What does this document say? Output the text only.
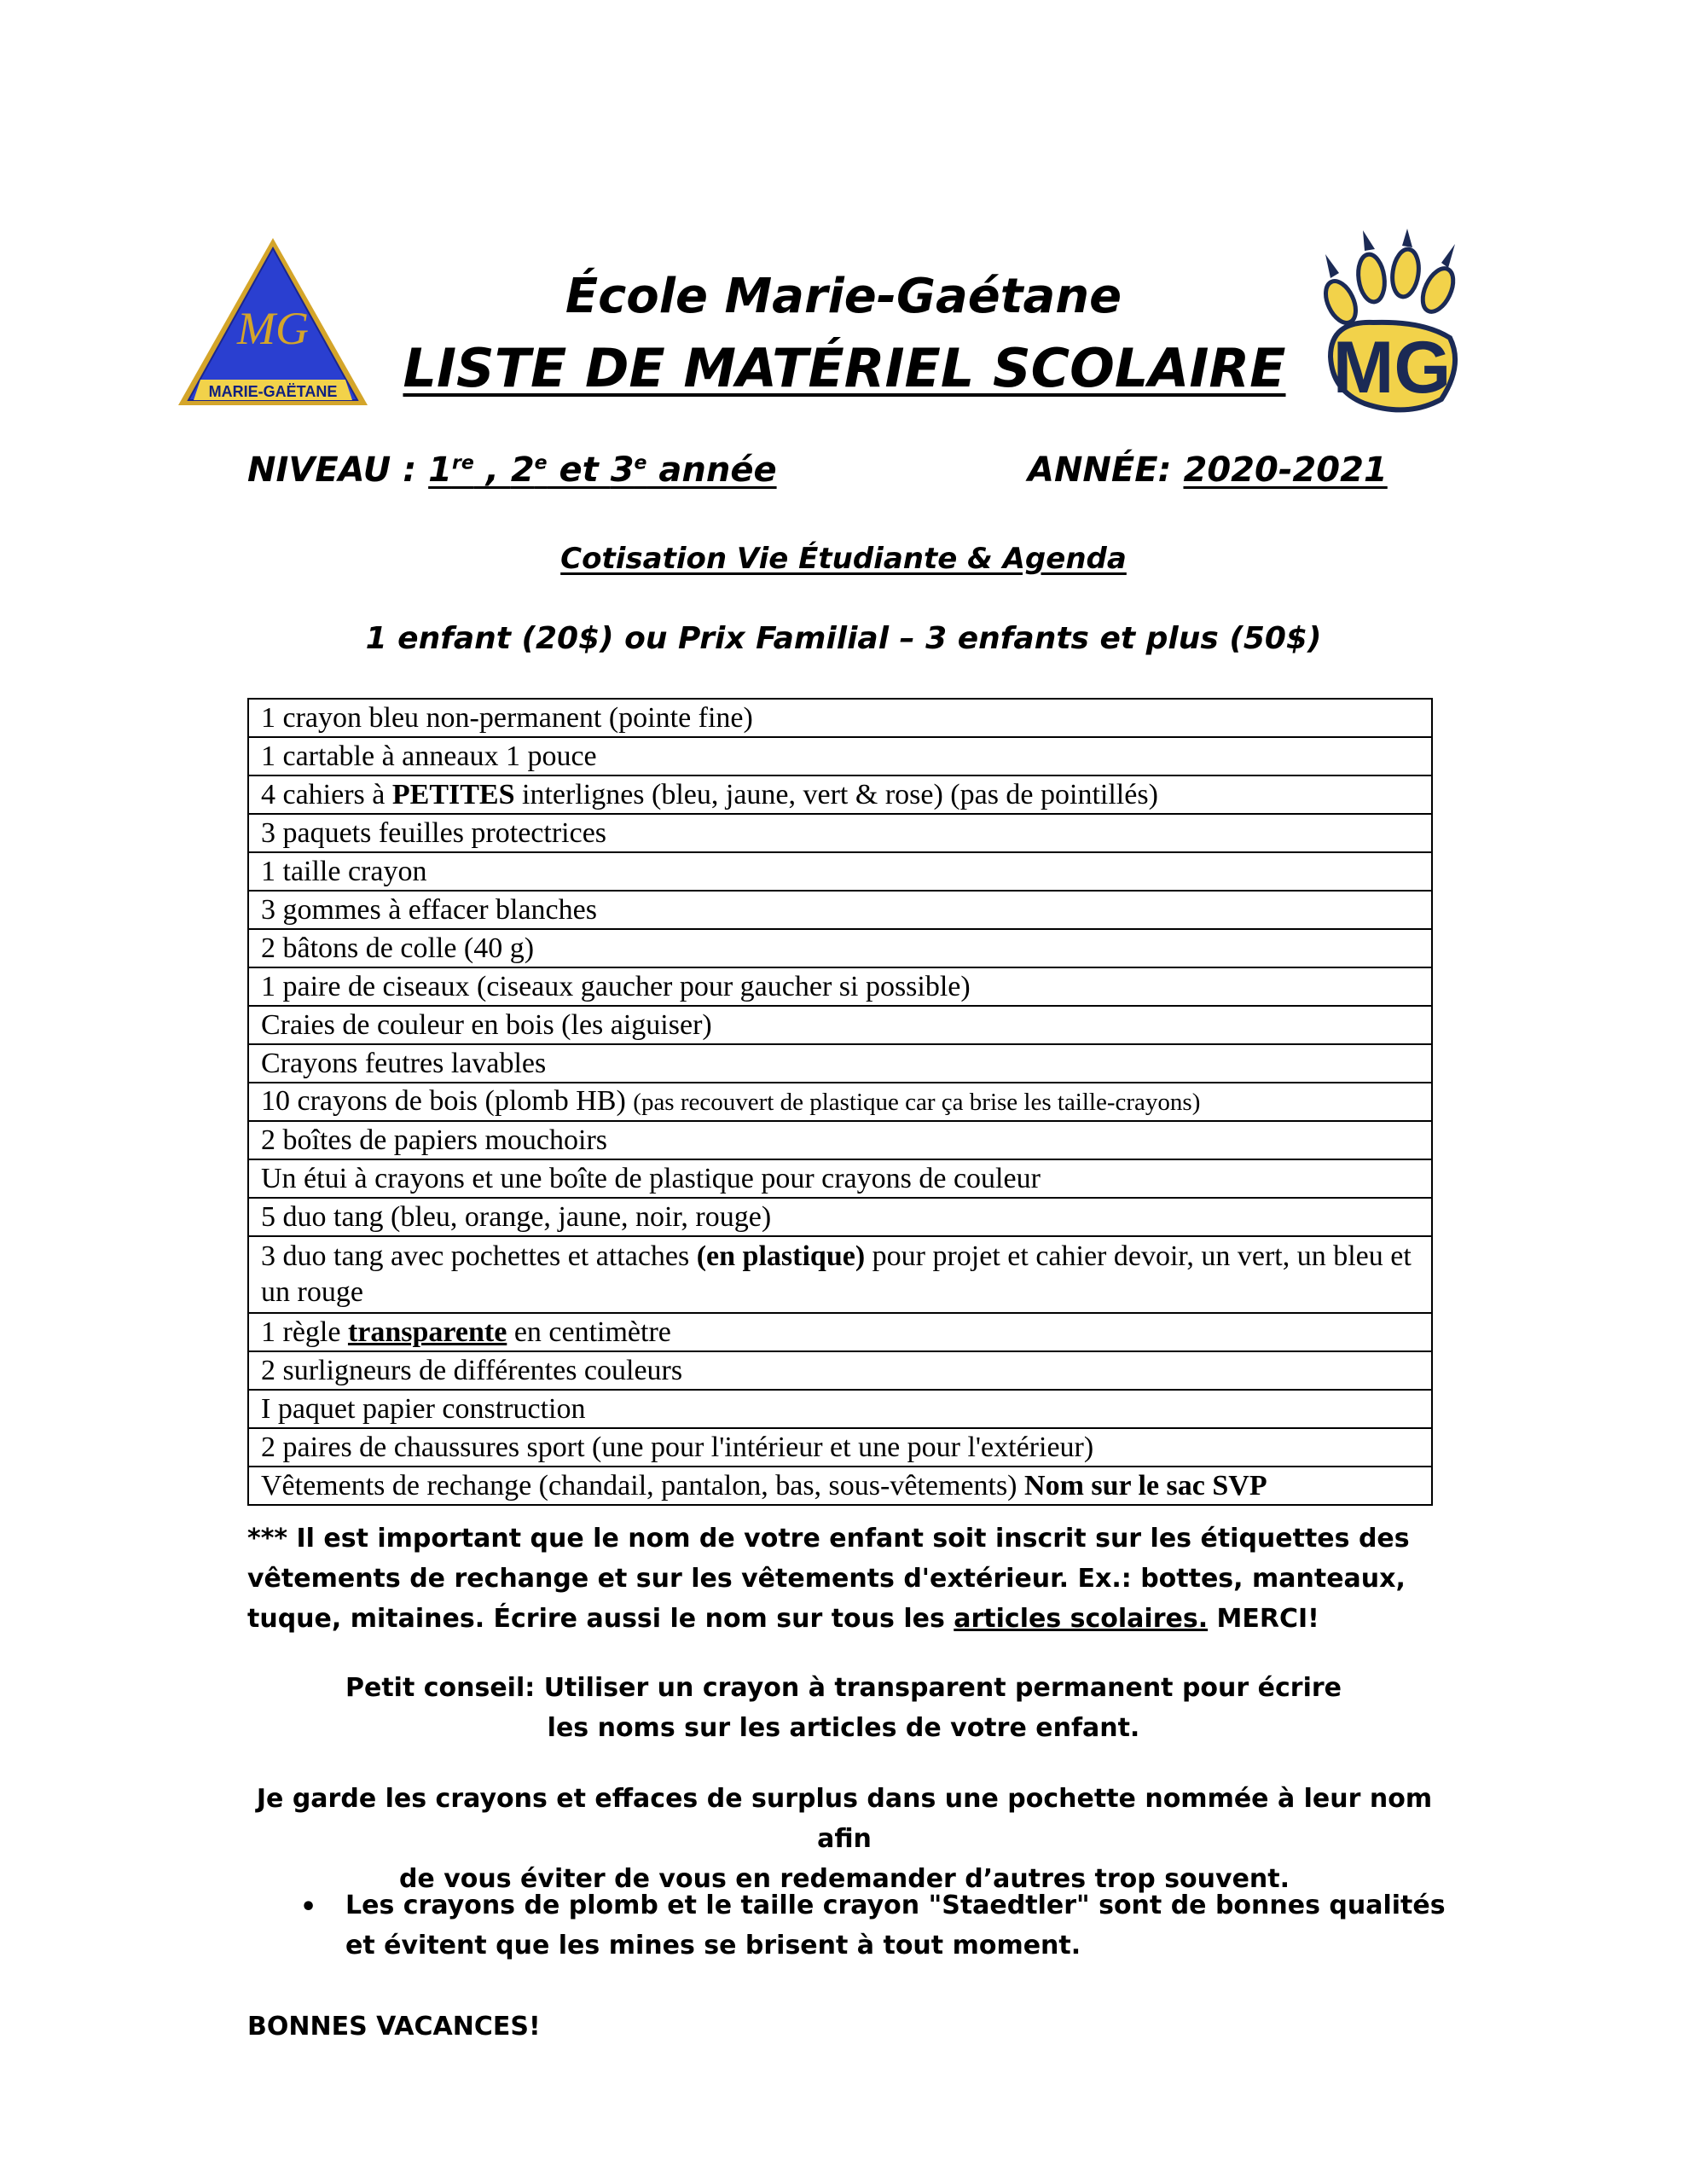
MARIE-GAËTANE
MG	MG
École Marie-Gaétane
LISTE DE MATÉRIEL SCOLAIRE
NIVEAU : 1re , 2e et 3e année	ANNÉE: 2020-2021
Cotisation Vie Étudiante & Agenda
1 enfant (20$) ou Prix Familial – 3 enfants et plus (50$)
1 crayon bleu non-permanent (pointe fine)
1 cartable à anneaux 1 pouce
4 cahiers à PETITES interlignes (bleu, jaune, vert & rose) (pas de pointillés)
3 paquets feuilles protectrices
1 taille crayon
3 gommes à effacer blanches
2 bâtons de colle (40 g)
1 paire de ciseaux (ciseaux gaucher pour gaucher si possible)
Craies de couleur en bois (les aiguiser)
Crayons feutres lavables
10 crayons de bois (plomb HB) (pas recouvert de plastique car ça brise les taille-crayons)
2 boîtes de papiers mouchoirs
Un étui à crayons et une boîte de plastique pour crayons de couleur
5 duo tang (bleu, orange, jaune, noir, rouge)
3 duo tang avec pochettes et attaches (en plastique) pour projet et cahier devoir, un vert, un bleu et un rouge
1 règle transparente en centimètre
2 surligneurs de différentes couleurs
I paquet papier construction
2 paires de chaussures sport (une pour l'intérieur et une pour l'extérieur)
Vêtements de rechange (chandail, pantalon, bas, sous-vêtements) Nom sur le sac SVP
*** Il est important que le nom de votre enfant soit inscrit sur les étiquettes des vêtements de rechange et sur les vêtements d'extérieur. Ex.: bottes, manteaux, tuque, mitaines. Écrire aussi le nom sur tous les articles scolaires. MERCI!
Petit conseil: Utiliser un crayon à transparent permanent pour écrire
les noms sur les articles de votre enfant.
Je garde les crayons et effaces de surplus dans une pochette nommée à leur nom afin
de vous éviter de vous en redemander d’autres trop souvent.
• Les crayons de plomb et le taille crayon "Staedtler" sont de bonnes qualités et évitent que les mines se brisent à tout moment.
BONNES VACANCES!
